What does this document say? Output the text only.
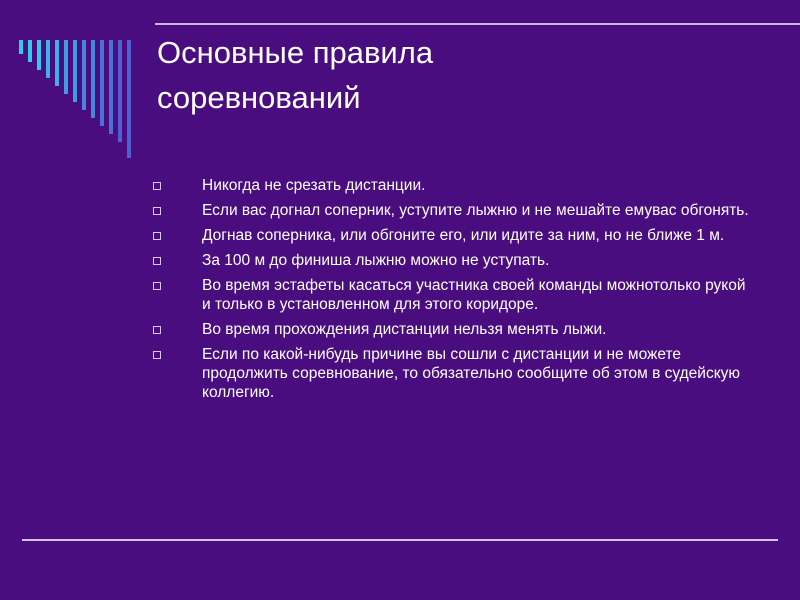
Основные правила
соревнований
Никогда не срезать дистанции.
Если вас догнал соперник, уступите лыжню и не мешайте емувас обгонять.
Догнав соперника, или обгоните его, или идите за ним, но не ближе 1 м.
За 100 м до финиша лыжню можно не уступать.
Во время эстафеты касаться участника своей команды можнотолько рукой и только в установленном для этого коридоре.
Во время прохождения дистанции нельзя менять лыжи.
Если по какой-нибудь причине вы сошли с дистанции и не можете продолжить соревнование, то обязательно сообщите об этом в судейскую коллегию.
